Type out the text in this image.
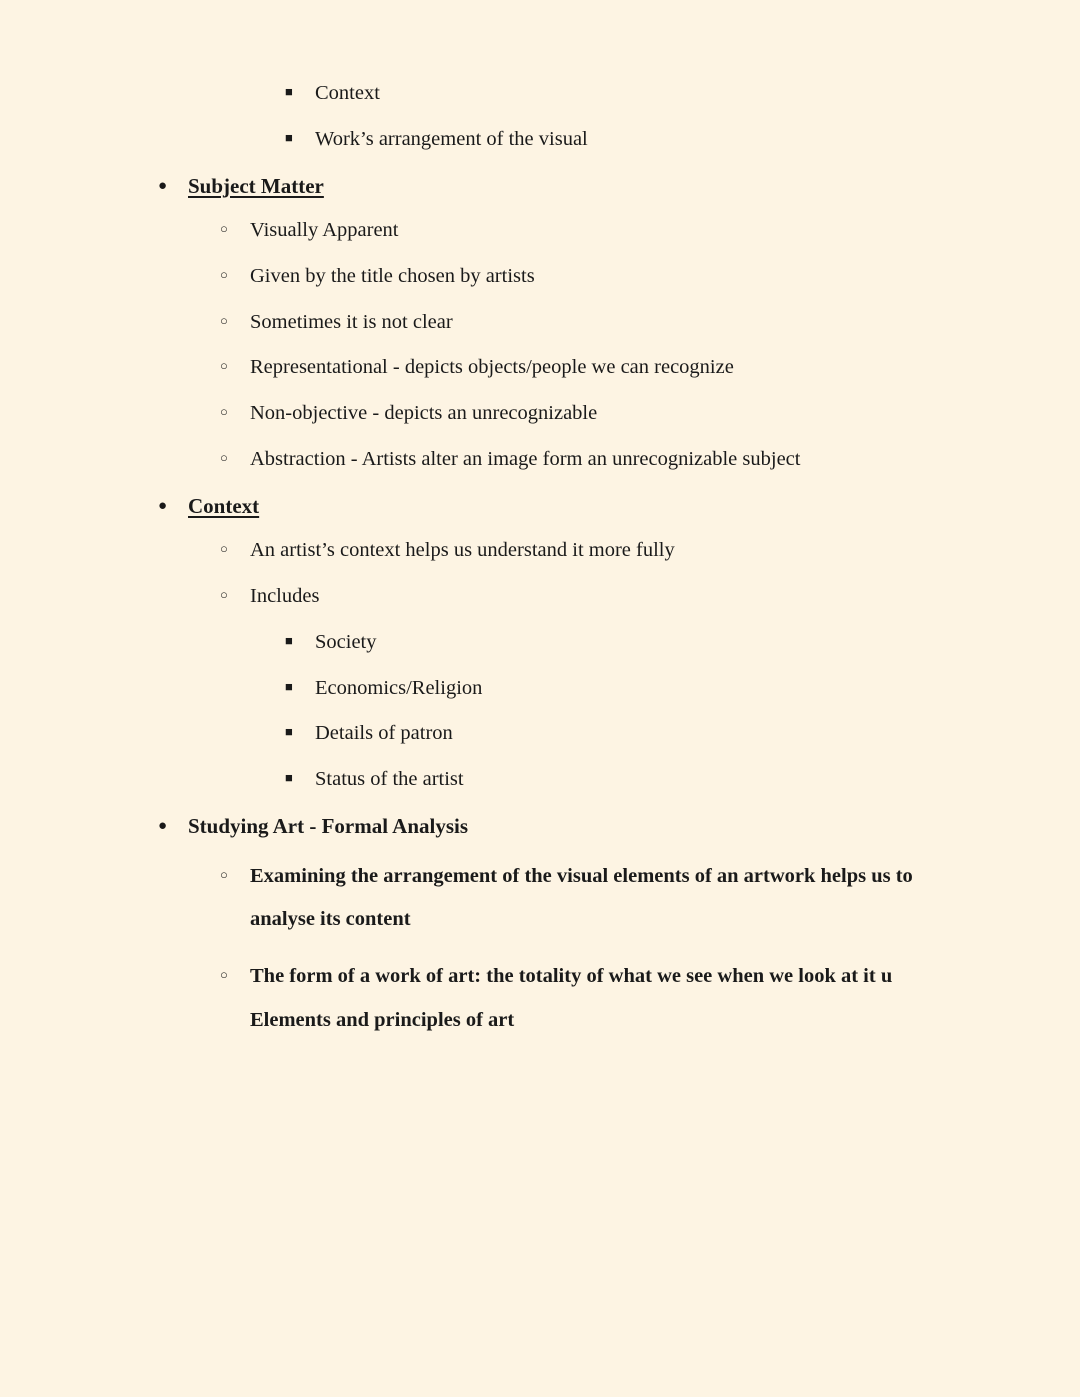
■	Context
■	Work’s arrangement of the visual
● Subject Matter
○	Visually Apparent
○	Given by the title chosen by artists
○	Sometimes it is not clear
○	Representational - depicts objects/people we can recognize
○	Non-objective - depicts an unrecognizable
○	Abstraction - Artists alter an image form an unrecognizable subject
● Context
○	An artist’s context helps us understand it more fully
○	Includes
■	Society
■	Economics/Religion
■	Details of patron
■	Status of the artist
● Studying Art - Formal Analysis
○	Examining the arrangement of the visual elements of an artwork helps us to analyse its content
○	The form of a work of art: the totality of what we see when we look at it u Elements and principles of art
